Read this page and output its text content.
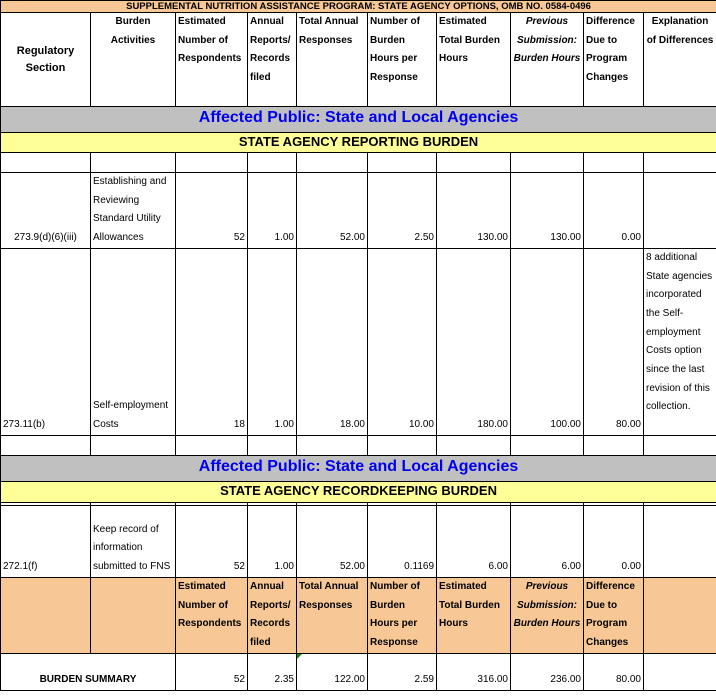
SUPPLEMENTAL NUTRITION ASSISTANCE PROGRAM: STATE AGENCY OPTIONS, OMB NO. 0584-0496									
Regulatory Section	Burden Activities	Estimated Number of Respondents	Annual Reports/ Records filed	Total Annual Responses	Number of Burden Hours per Response	Estimated Total Burden Hours	Previous Submission: Burden Hours	Difference Due to Program Changes	Explanation of Differences
Affected Public: State and Local Agencies									
STATE AGENCY REPORTING BURDEN									

273.9(d)(6)(iii)	Establishing and Reviewing Standard Utility Allowances	52	1.00	52.00	2.50	130.00	130.00	0.00	
273.11(b)	Self-employment Costs	18	1.00	18.00	10.00	180.00	100.00	80.00	8 additional State agencies incorporated the Self-employment Costs option since the last revision of this collection.

Affected Public: State and Local Agencies									
STATE AGENCY RECORDKEEPING BURDEN									

272.1(f)	Keep record of information submitted to FNS	52	1.00	52.00	0.1169	6.00	6.00	0.00	
		Estimated Number of Respondents	Annual Reports/ Records filed	Total Annual Responses	Number of Burden Hours per Response	Estimated Total Burden Hours	Previous Submission: Burden Hours	Difference Due to Program Changes	
BURDEN SUMMARY		52	2.35	122.00	2.59	316.00	236.00	80.00	
